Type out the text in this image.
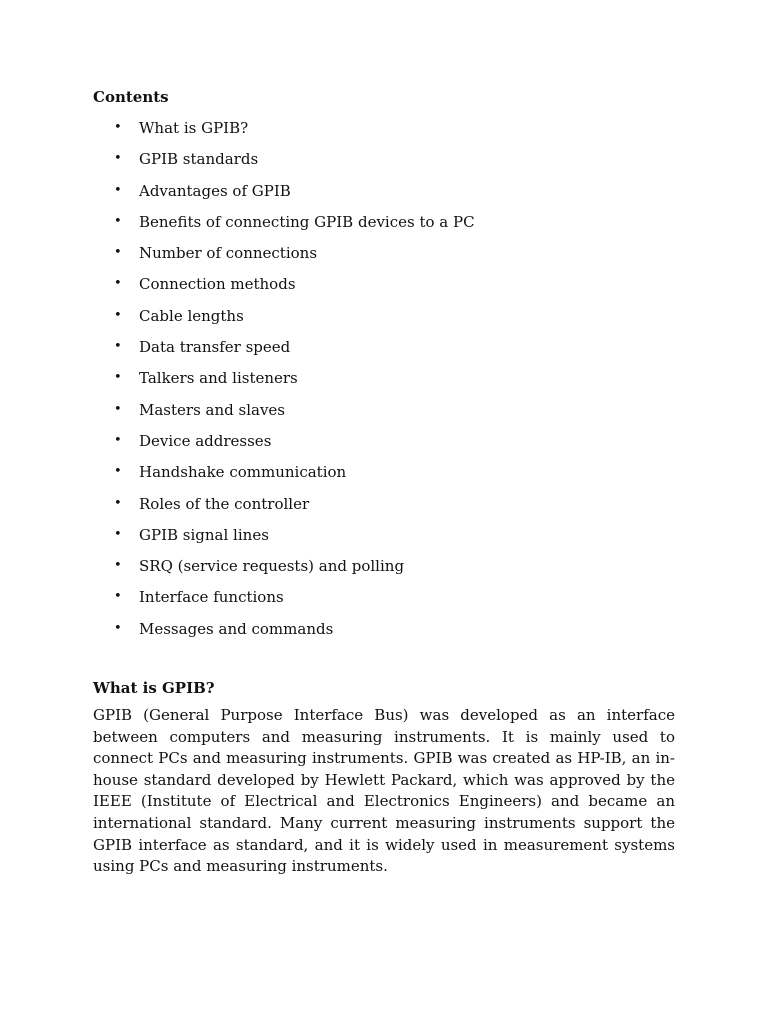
Contents
• What is GPIB?
• GPIB standards
• Advantages of GPIB
• Benefits of connecting GPIB devices to a PC
• Number of connections
• Connection methods
• Cable lengths
• Data transfer speed
• Talkers and listeners
• Masters and slaves
• Device addresses
• Handshake communication
• Roles of the controller
• GPIB signal lines
• SRQ (service requests) and polling
• Interface functions
• Messages and commands
What is GPIB?

GPIB (General Purpose Interface Bus) was developed as an interface between computers and measuring instruments. It is mainly used to connect PCs and measuring instruments. GPIB was created as HP-IB, an in-house standard developed by Hewlett Packard, which was approved by the IEEE (Institute of Electrical and Electronics Engineers) and became an international standard. Many current measuring instruments support the GPIB interface as standard, and it is widely used in measurement systems using PCs and measuring instruments.
